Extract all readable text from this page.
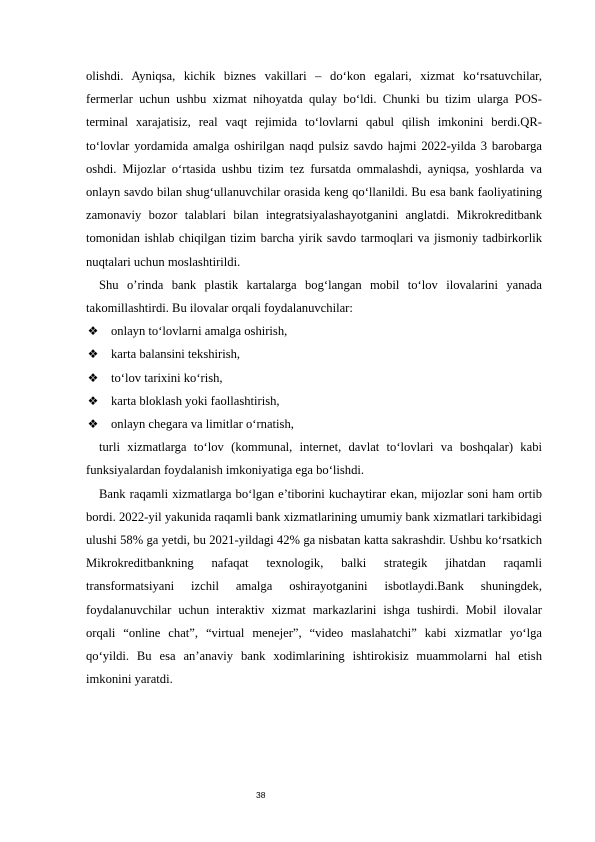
olishdi. Ayniqsa, kichik biznes vakillari – do‘kon egalari, xizmat ko‘rsatuvchilar, fermerlar uchun ushbu xizmat nihoyatda qulay bo‘ldi. Chunki bu tizim ularga POS-terminal xarajatisiz, real vaqt rejimida to‘lovlarni qabul qilish imkonini berdi.QR-to‘lovlar yordamida amalga oshirilgan naqd pulsiz savdo hajmi 2022-yilda 3 barobarga oshdi. Mijozlar o‘rtasida ushbu tizim tez fursatda ommalashdi, ayniqsa, yoshlarda va onlayn savdo bilan shug‘ullanuvchilar orasida keng qo‘llanildi. Bu esa bank faoliyatining zamonaviy bozor talablari bilan integratsiyalashayotganini anglatdi. Mikrokreditbank tomonidan ishlab chiqilgan tizim barcha yirik savdo tarmoqlari va jismoniy tadbirkorlik nuqtalari uchun moslashtirildi.

Shu o’rinda bank plastik kartalarga bog‘langan mobil to‘lov ilovalarini yanada takomillashtirdi. Bu ilovalar orqali foydalanuvchilar:

❖ onlayn to‘lovlarni amalga oshirish,
❖ karta balansini tekshirish,
❖ to‘lov tarixini ko‘rish,
❖ karta bloklash yoki faollashtirish,
❖ onlayn chegara va limitlar o‘rnatish,

turli xizmatlarga to‘lov (kommunal, internet, davlat to‘lovlari va boshqalar) kabi funksiyalardan foydalanish imkoniyatiga ega bo‘lishdi.

Bank raqamli xizmatlarga bo‘lgan e’tiborini kuchaytirar ekan, mijozlar soni ham ortib bordi. 2022-yil yakunida raqamli bank xizmatlarining umumiy bank xizmatlari tarkibidagi ulushi 58% ga yetdi, bu 2021-yildagi 42% ga nisbatan katta sakrashdir. Ushbu ko‘rsatkich Mikrokreditbankning nafaqat texnologik, balki strategik jihatdan raqamli transformatsiyani izchil amalga oshirayotganini isbotlaydi.Bank shuningdek, foydalanuvchilar uchun interaktiv xizmat markazlarini ishga tushirdi. Mobil ilovalar orqali “online chat”, “virtual menejer”, “video maslahatchi” kabi xizmatlar yo‘lga qo‘yildi. Bu esa an’anaviy bank xodimlarining ishtirokisiz muammolarni hal etish imkonini yaratdi.

38
